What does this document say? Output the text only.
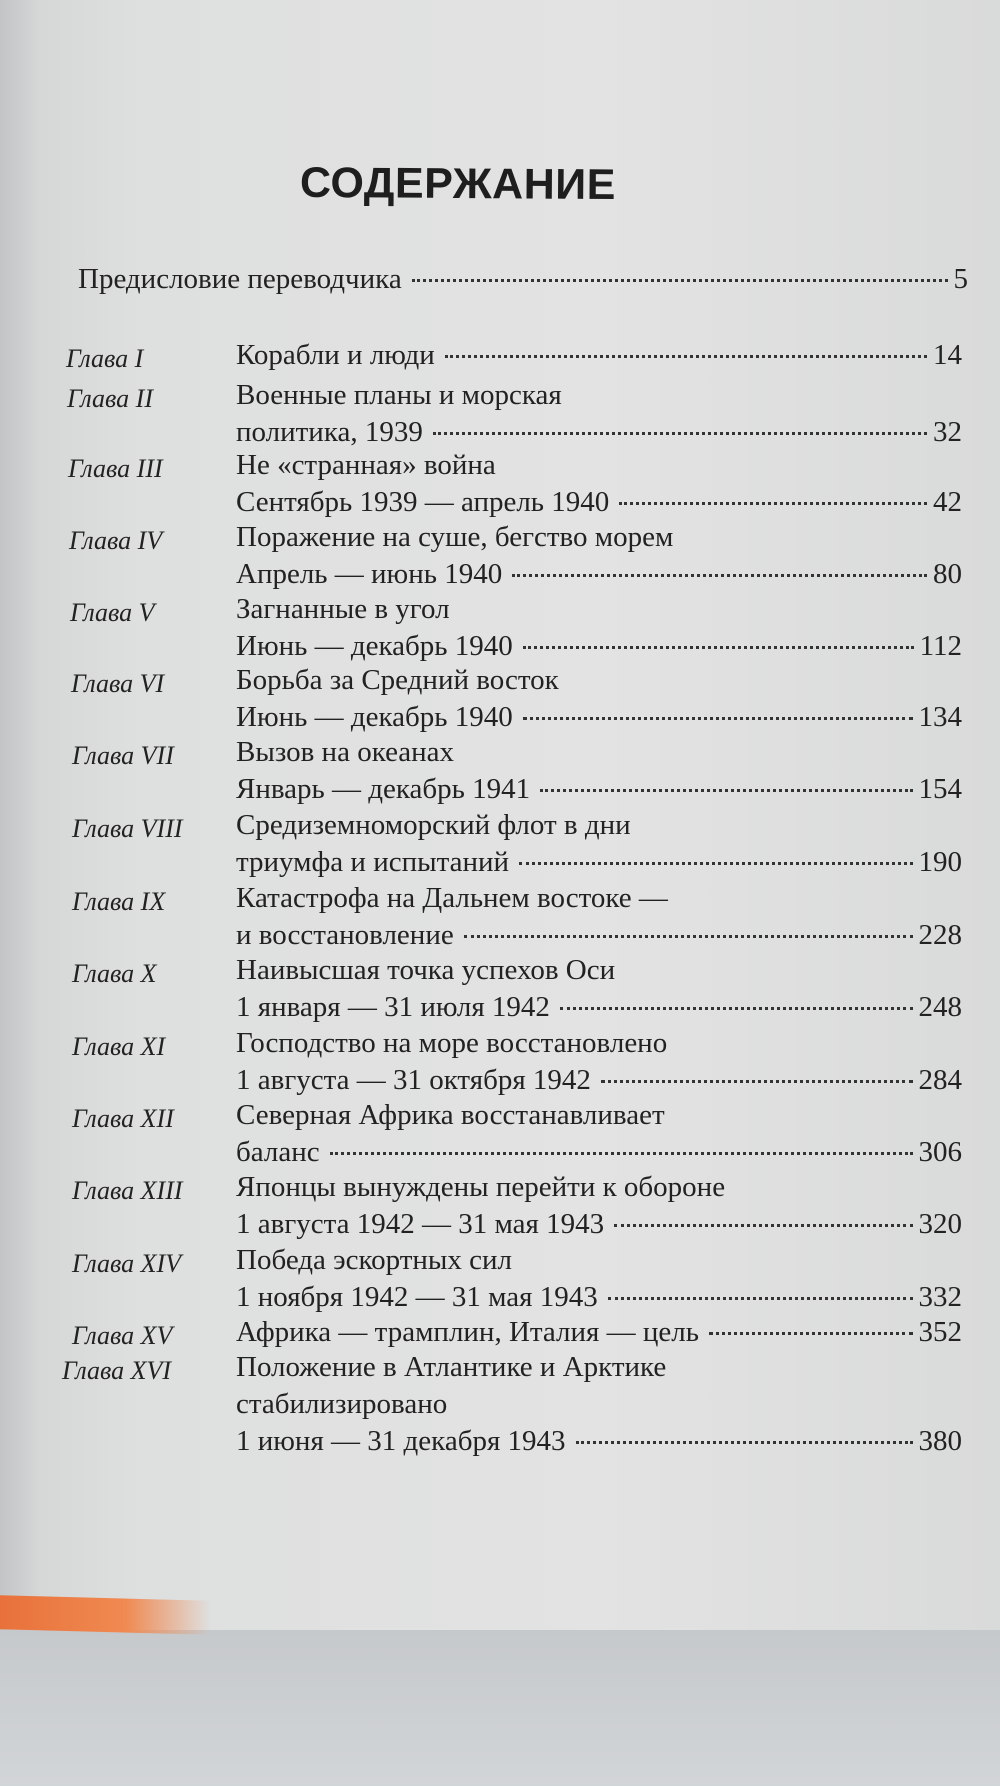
СОДЕРЖАНИЕ
Предисловие переводчика	5
Глава I	Корабли и люди	14
Глава II	Военные планы и морская
политика, 1939	32
Глава III	Не «странная» война
Сентябрь 1939 — апрель 1940	42
Глава IV	Поражение на суше, бегство морем
Апрель — июнь 1940	80
Глава V	Загнанные в угол
Июнь — декабрь 1940	112
Глава VI Борьба за Средний восток
Июнь — декабрь 1940	134
Глава VII Вызов на океанах
Январь — декабрь 1941	154
Глава VIII Средиземноморский флот в дни
триумфа и испытаний	190
Глава IX Катастрофа на Дальнем востоке —
и восстановление	228
Глава X	Наивысшая точка успехов Оси
1 января — 31 июля 1942	248
Глава XI Господство на море восстановлено
1 августа — 31 октября 1942	284
Глава XII Северная Африка восстанавливает
баланс	306
Глава XIII Японцы вынуждены перейти к обороне
1 августа 1942 — 31 мая 1943	320
Глава XIV Победа эскортных сил
1 ноября 1942 — 31 мая 1943	332
Глава XV Африка — трамплин, Италия — цель	352
Глава XVI Положение в Атлантике и Арктике
стабилизировано
1 июня — 31 декабря 1943	380
